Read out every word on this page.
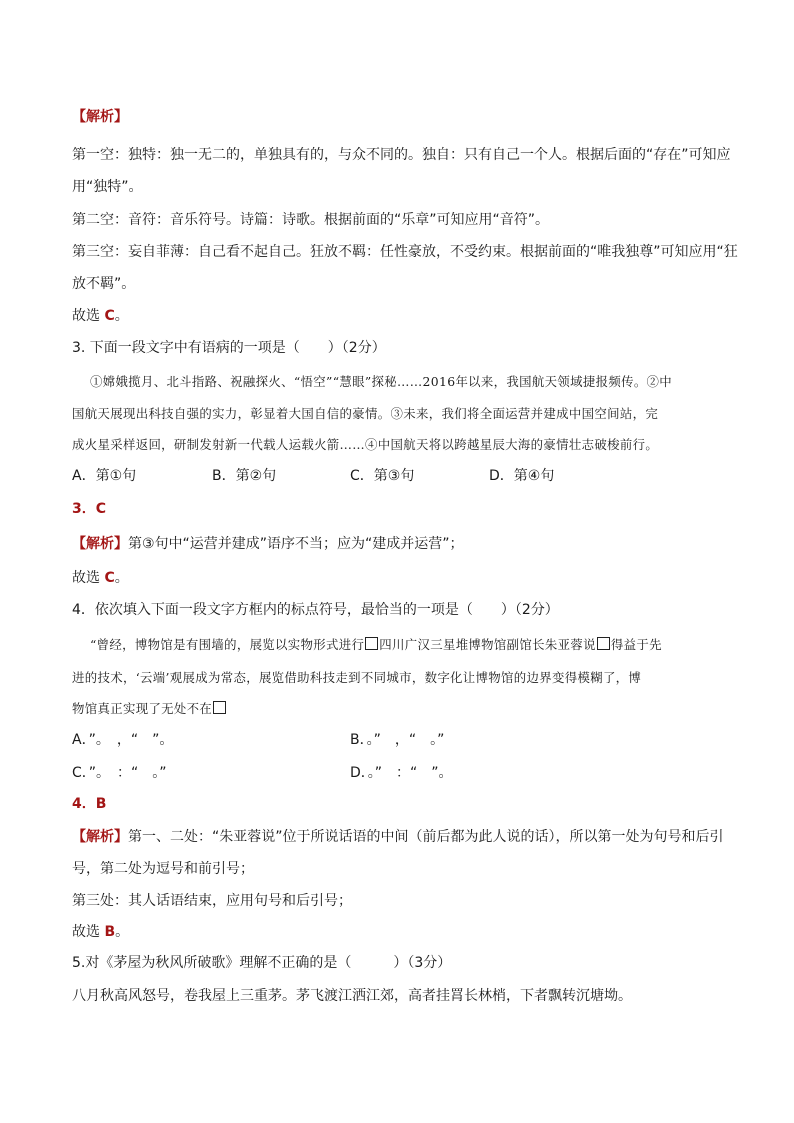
【解析】
第一空：独特：独一无二的，单独具有的，与众不同的。独自：只有自己一个人。根据后面的“存在”可知应
用“独特”。
第二空：音符：音乐符号。诗篇：诗歌。根据前面的“乐章”可知应用“音符”。
第三空：妄自菲薄：自己看不起自己。狂放不羁：任性豪放，不受约束。根据前面的“唯我独尊”可知应用“狂
放不羁”。
故选 C。
3. 下面一段文字中有语病的一项是（　　）（2分）
①嫦娥揽月、北斗指路、祝融探火、“悟空”“慧眼”探秘……2016年以来，我国航天领域捷报频传。②中
国航天展现出科技自强的实力，彰显着大国自信的豪情。③未来，我们将全面运营并建成中国空间站，完
成火星采样返回，研制发射新一代载人运载火箭……④中国航天将以跨越星辰大海的豪情壮志破梭前行。
A．第①句	B．第②句	C．第③句	D．第④句
3．C
【解析】第③句中“运营并建成”语序不当；应为“建成并运营”；
故选 C。
4．依次填入下面一段文字方框内的标点符号，最恰当的一项是（　　）（2分）
“曾经，博物馆是有围墙的，展览以实物形式进行 四川广汉三星堆博物馆副馆长朱亚蓉说 得益于先
进的技术，‘云端’观展成为常态，展览借助科技走到不同城市，数字化让博物馆的边界变得模糊了，博
物馆真正实现了无处不在
A．”。　，“　”。	B．。”　，“　。”
C．”。　：“　。”	D．。”　：“　”。
4．B
【解析】第一、二处：“朱亚蓉说”位于所说话语的中间（前后都为此人说的话），所以第一处为句号和后引
号，第二处为逗号和前引号；
第三处：其人话语结束，应用句号和后引号；
故选 B。
5.对《茅屋为秋风所破歌》理解不正确的是（　　　）（3分）
八月秋高风怒号，卷我屋上三重茅。茅飞渡江洒江郊，高者挂罥长林梢，下者飘转沉塘坳。
